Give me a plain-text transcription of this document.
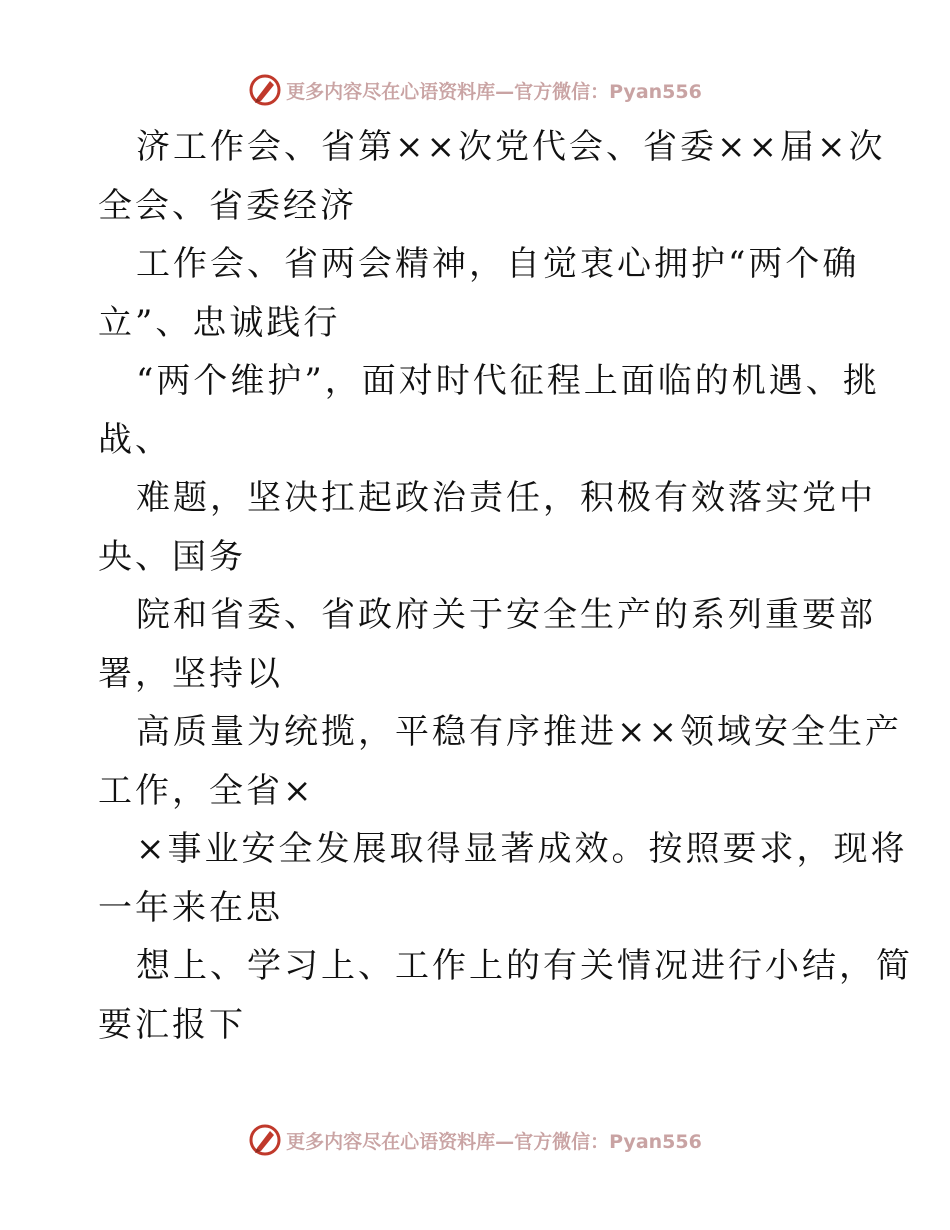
更多内容尽在心语资料库—官方微信：Pyan556
济工作会、省第××次党代会、省委××届×次
全会、省委经济
工作会、省两会精神，自觉衷心拥护“两个确
立”、忠诚践行
“两个维护”，面对时代征程上面临的机遇、挑
战、
难题，坚决扛起政治责任，积极有效落实党中
央、国务
院和省委、省政府关于安全生产的系列重要部
署，坚持以
高质量为统揽，平稳有序推进××领域安全生产
工作，全省×
×事业安全发展取得显著成效。按照要求，现将
一年来在思
想上、学习上、工作上的有关情况进行小结，简
要汇报下
更多内容尽在心语资料库—官方微信：Pyan556
